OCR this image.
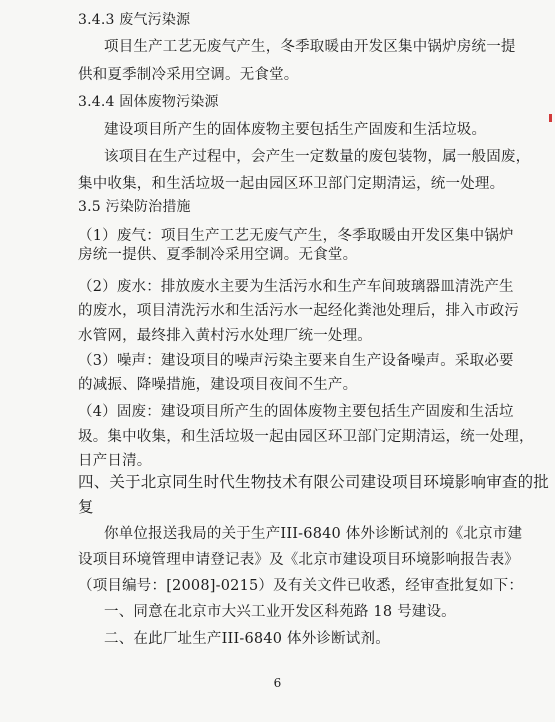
3.4.3 废气污染源
项目生产工艺无废气产生，冬季取暖由开发区集中锅炉房统一提
供和夏季制冷采用空调。无食堂。
3.4.4 固体废物污染源
建设项目所产生的固体废物主要包括生产固废和生活垃圾。
该项目在生产过程中，会产生一定数量的废包装物，属一般固废，
集中收集，和生活垃圾一起由园区环卫部门定期清运，统一处理。
3.5 污染防治措施
（1）废气：项目生产工艺无废气产生，冬季取暖由开发区集中锅炉
房统一提供、夏季制冷采用空调。无食堂。
（2）废水：排放废水主要为生活污水和生产车间玻璃器皿清洗产生
的废水，项目清洗污水和生活污水一起经化粪池处理后，排入市政污
水管网，最终排入黄村污水处理厂统一处理。
（3）噪声：建设项目的噪声污染主要来自生产设备噪声。采取必要
的减振、降噪措施，建设项目夜间不生产。
（4）固废：建设项目所产生的固体废物主要包括生产固废和生活垃
圾。集中收集，和生活垃圾一起由园区环卫部门定期清运，统一处理，
日产日清。
四、关于北京同生时代生物技术有限公司建设项目环境影响审查的批
复
你单位报送我局的关于生产III-6840 体外诊断试剂的《北京市建
设项目环境管理申请登记表》及《北京市建设项目环境影响报告表》
（项目编号：[2008]-0215）及有关文件已收悉，经审查批复如下：
一、同意在北京市大兴工业开发区科苑路 18 号建设。
二、在此厂址生产III-6840 体外诊断试剂。
6
